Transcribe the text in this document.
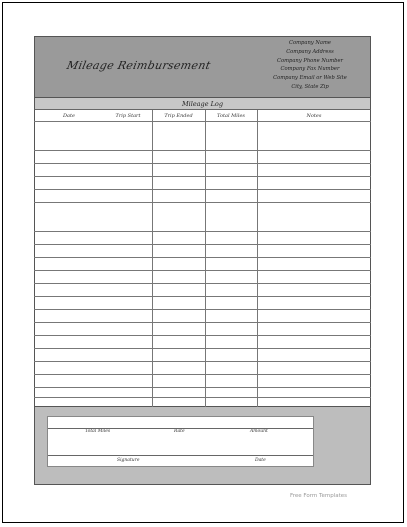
Mileage Reimbursement
Company Name
Company Address
Company Phone Number
Company Fax Number
Company Email or Web Site
City, State Zip
Mileage Log
Date	Trip Start	Trip Ended	Total Miles	Notes
Total Miles	Rate	Amount
Signature	Date
Free Form Templates
